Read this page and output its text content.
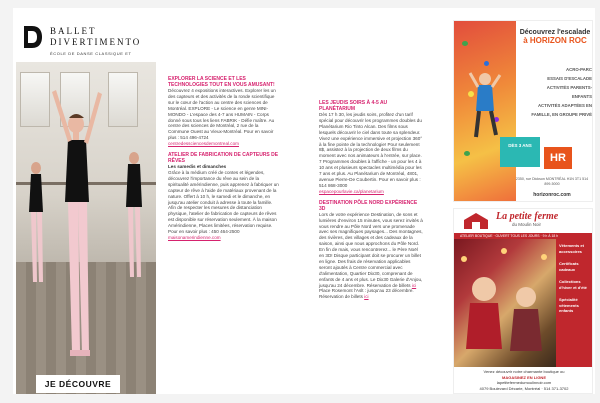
BALLET
DIVERTIMENTO
ÉCOLE DE DANSE CLASSIQUE ET
JE DÉCOUVRE
EXPLORER LA SCIENCE ET LES TECHNOLOGIES TOUT EN VOUS AMUSANT!
Découvrez 4 expositions interactives. Explorer les un des capteurs et des activités de la ronde scientifique sur le cœur de l'action au centre des sciences de Montréal. EXPLORE - Le science en genre MINI-MONDO - L'espace des 4-7 ans HUMAIN - Corps donné sous tous les liens FABRIK - Défie maître. Au centre des sciences de Montréal, 2 rue de la Commune Ouest au Vieux-Montréal. Pour en savoir plus : 514 496-4724
centredessciencesdemontreal.com
ATELIER DE FABRICATION DE CAPTEURS DE RÊVES
Les samedis et dimanches
Grâce à la médium créé de contes et légendes, découvrez l'importance du rêve au sein de la spiritualité amérindienne, puis apprenez à fabriquer un capteur de rêve à l'aide de matériaux provenant de la nature. Offert à 10 h, le samedi et le dimanche, en jusqu'au atelier conduit à adresse à toute la famille. Afin de respecter les mesures de distanciation physique, l'atelier de fabrication de capteurs de rêves est disponible sur réservation seulement. À la maison Amérindienne, Places limitées, réservation requise. Pour en savoir plus : 450 464-2500
maisonamerindienne.com
LES JEUDIS SOIRS À 4-5 AU PLANÉTARIUM
Dès 17 h 30, les jeudis soirs, profitez d'un tarif spécial pour découvrir les programmes doubles du Planétarium Rio Tinto Alcan. Des films sous lesquels découvrir le ciel dans toute sa splendeur. Vivez une expérience immersive et projection 360° à la fine pointe de la technologie! Pour seulement 8$, assistez à la projection de deux films du moment avec nos animateurs à l'entrée, sur place. 7 Programmes doubles à l'affiche - un pour les 4 à 10 ans et plusieurs spectacles multimédia pour les 7 ans et plus. Au Planétarium de Montréal, 4801, avenue Pierre-De Coubertin. Pour en savoir plus : 514 868-3000
espacepourlavie.ca/planetarium
DESTINATION PÔLE NORD EXPÉRIENCE 3D
Lors de votre expérience Destination, de sons et lumières d'environ 15 minutes, vous serez invités à vous rendre au Pôle Nord vers une promenade avec ses magnifiques paysages... Des montagnes, des rivières, des villages et des cadeaux de la saison, ainsi que nous approchons du Pôle Nord. En fin de mais, vous rencontrerez... le Père Noël en 3D! Disque participant doit se procurer un billet en ligne. Des frais de réservation applicables seront ajoutés à Centre commercial avec d'alimentation, Quartier Dix30, comprenant de enfants de 4 ans et plus. Le Dix30 Galerie d'Anjou, jusqu'au 24 décembre. Réservation de billets ici Place Rosemont l'Aslt : jusqu'au 23 décembre. Réservation de billets ici
Découvrez l'escalade
à HORIZON ROC
ACRO-PARC
ESSAIS D'ESCALADE
ACTIVITÉS PARENTS-ENFANTS
ACTIVITÉS ADAPTÉES EN FAMILLE, EN GROUPE PRIVÉ
DÈS 3 ANS
HR
2350, rue Dickson MONTRÉAL H1N 3T1 514 899-5000
horizonroc.com
La petite ferme
du Moulin Noir
ATELIER BOUTIQUE · OUVERT TOUS LES JOURS · 9 h À 18 h
Vêtements et accessoires
Certificats cadeaux
Collections d'hiver et d'été
Spécialité vêtements enfants
Venez découvrir notre charmante boutique ou
MAGASINEZ EN LIGNE
lapetitefermedumoulinnoir.com
4079 Boulevard Décarie, Montréal · 514 371-3702
